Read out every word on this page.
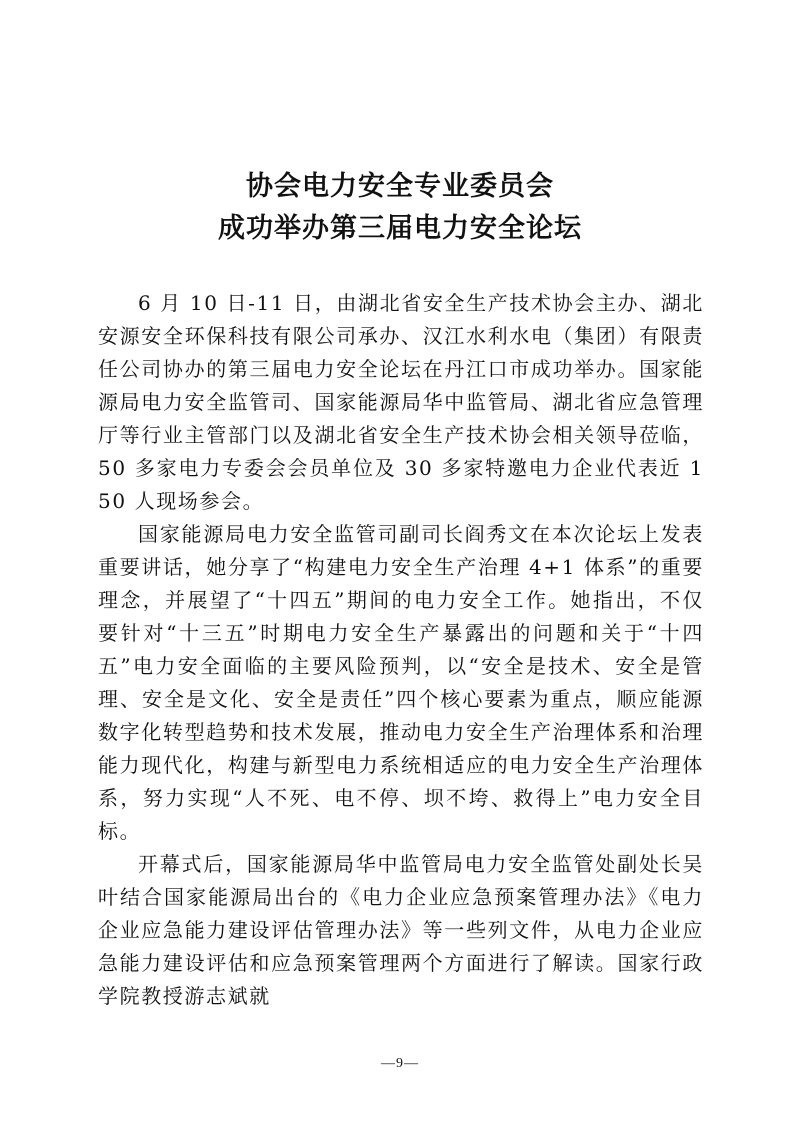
协会电力安全专业委员会
成功举办第三届电力安全论坛

6 月 10 日-11 日，由湖北省安全生产技术协会主办、湖北安源安全环保科技有限公司承办、汉江水利水电（集团）有限责任公司协办的第三届电力安全论坛在丹江口市成功举办。国家能源局电力安全监管司、国家能源局华中监管局、湖北省应急管理厅等行业主管部门以及湖北省安全生产技术协会相关领导莅临，50 多家电力专委会会员单位及 30 多家特邀电力企业代表近 150 人现场参会。

国家能源局电力安全监管司副司长阎秀文在本次论坛上发表重要讲话，她分享了“构建电力安全生产治理 4+1 体系”的重要理念，并展望了“十四五”期间的电力安全工作。她指出，不仅要针对“十三五”时期电力安全生产暴露出的问题和关于“十四五”电力安全面临的主要风险预判，以“安全是技术、安全是管理、安全是文化、安全是责任”四个核心要素为重点，顺应能源数字化转型趋势和技术发展，推动电力安全生产治理体系和治理能力现代化，构建与新型电力系统相适应的电力安全生产治理体系，努力实现“人不死、电不停、坝不垮、救得上”电力安全目标。

开幕式后，国家能源局华中监管局电力安全监管处副处长吴叶结合国家能源局出台的《电力企业应急预案管理办法》《电力企业应急能力建设评估管理办法》等一些列文件，从电力企业应急能力建设评估和应急预案管理两个方面进行了解读。国家行政学院教授游志斌就

—9—
